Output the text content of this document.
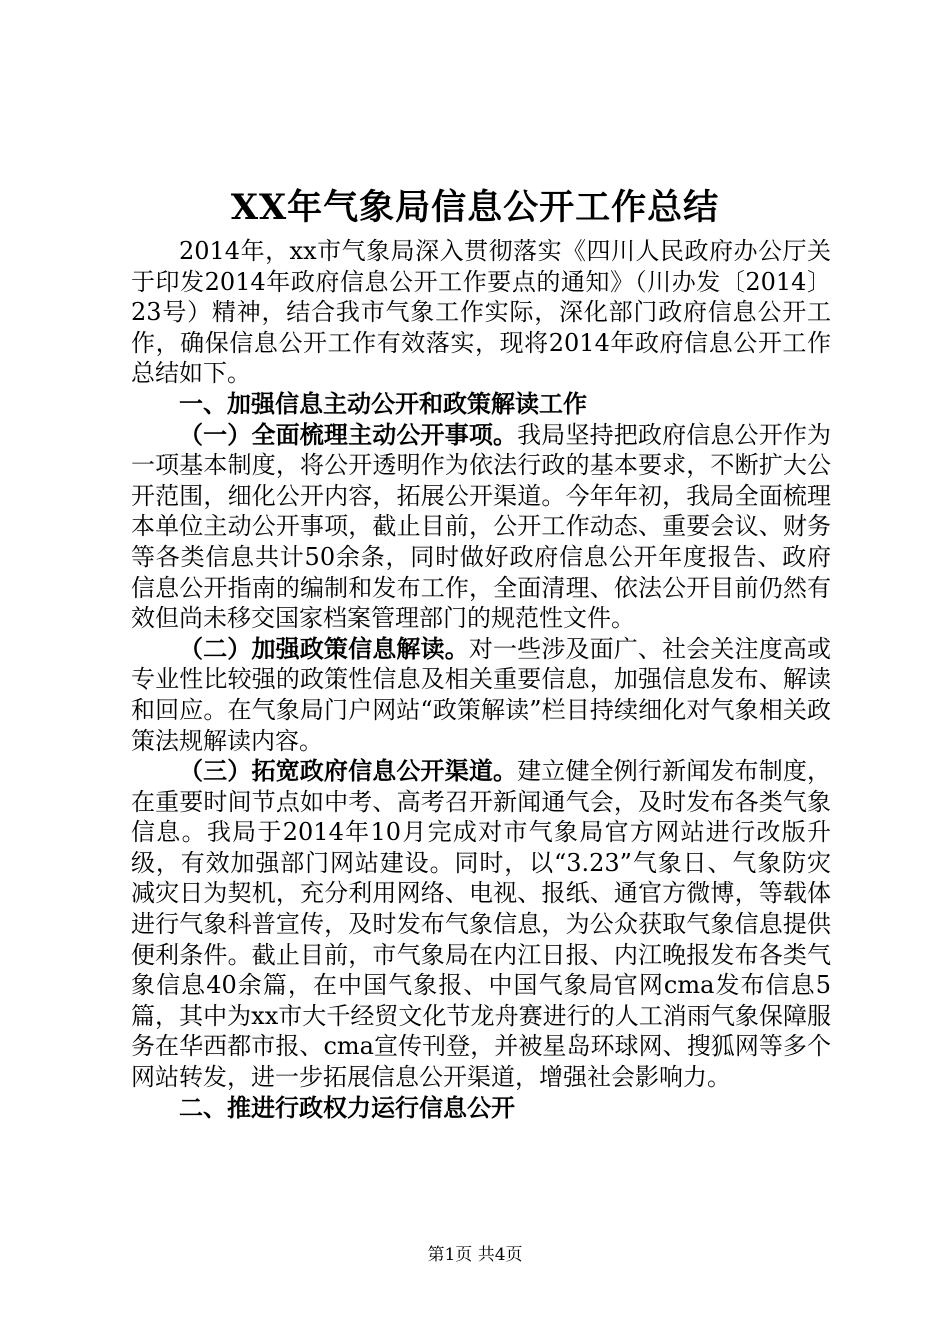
XX年气象局信息公开工作总结

2014年，xx市气象局深入贯彻落实《四川人民政府办公厅关于印发2014年政府信息公开工作要点的通知》（川办发〔2014〕23号）精神，结合我市气象工作实际，深化部门政府信息公开工作，确保信息公开工作有效落实，现将2014年政府信息公开工作总结如下。

一、加强信息主动公开和政策解读工作

（一）全面梳理主动公开事项。我局坚持把政府信息公开作为一项基本制度，将公开透明作为依法行政的基本要求，不断扩大公开范围，细化公开内容，拓展公开渠道。今年年初，我局全面梳理本单位主动公开事项，截止目前，公开工作动态、重要会议、财务等各类信息共计50余条，同时做好政府信息公开年度报告、政府信息公开指南的编制和发布工作，全面清理、依法公开目前仍然有效但尚未移交国家档案管理部门的规范性文件。

（二）加强政策信息解读。对一些涉及面广、社会关注度高或专业性比较强的政策性信息及相关重要信息，加强信息发布、解读和回应。在气象局门户网站“政策解读”栏目持续细化对气象相关政策法规解读内容。

（三）拓宽政府信息公开渠道。建立健全例行新闻发布制度，在重要时间节点如中考、高考召开新闻通气会，及时发布各类气象信息。我局于2014年10月完成对市气象局官方网站进行改版升级，有效加强部门网站建设。同时，以“3.23”气象日、气象防灾减灾日为契机，充分利用网络、电视、报纸、通官方微博，等载体进行气象科普宣传，及时发布气象信息，为公众获取气象信息提供便利条件。截止目前，市气象局在内江日报、内江晚报发布各类气象信息40余篇，在中国气象报、中国气象局官网cma发布信息5篇，其中为xx市大千经贸文化节龙舟赛进行的人工消雨气象保障服务在华西都市报、cma宣传刊登，并被星岛环球网、搜狐网等多个网站转发，进一步拓展信息公开渠道，增强社会影响力。

二、推进行政权力运行信息公开

第1页 共4页
